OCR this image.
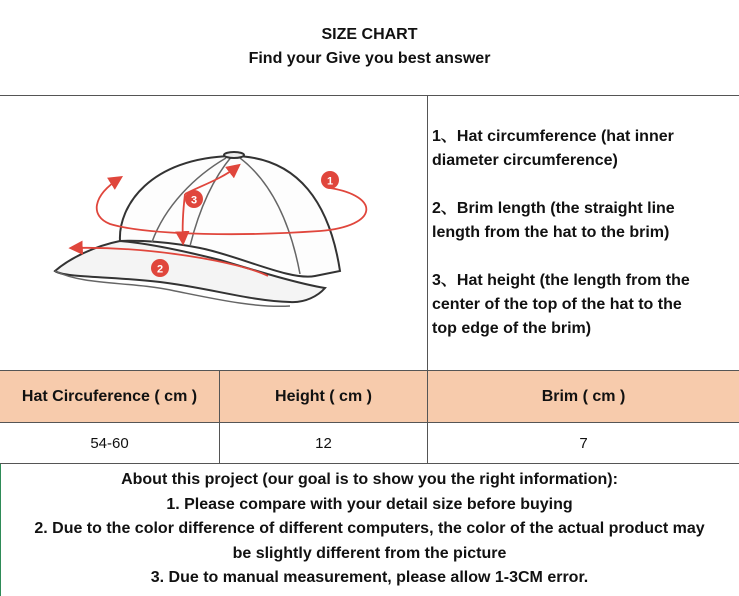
SIZE CHART
Find your Give you best answer
1
2
3
1、Hat circumference (hat inner
diameter circumference)
2、Brim length (the straight line
length from the hat to the brim)
3、Hat height (the length from the
center of the top of the hat to the
top edge of the brim)
Hat Circuference ( cm )	Height ( cm )	Brim ( cm )
54-60	12	7
About this project (our goal is to show you the right information):
1. Please compare with your detail size before buying
2. Due to the color difference of different computers, the color of the actual product may
be slightly different from the picture
3. Due to manual measurement, please allow 1-3CM error.
